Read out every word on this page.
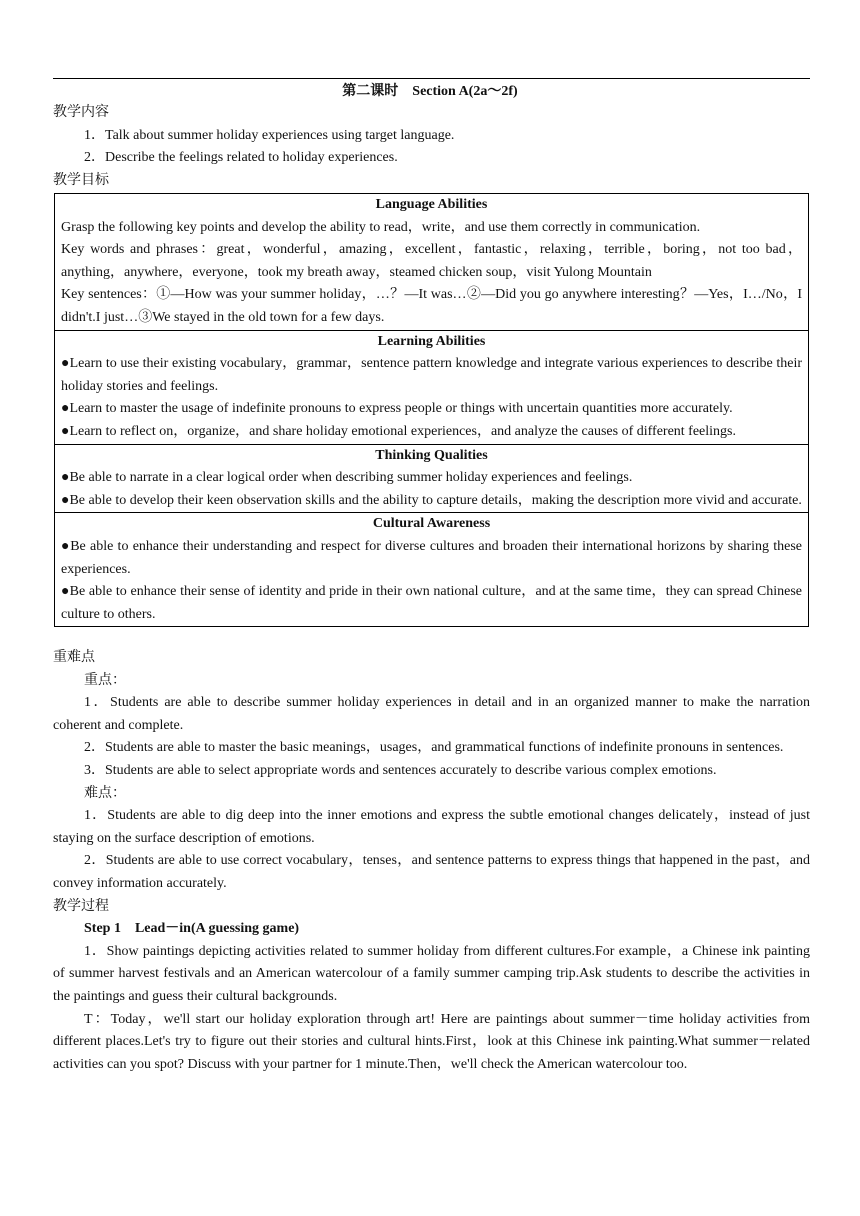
第二课时　Section A(2a～2f)

教学内容

1．Talk about summer holiday experiences using target language.

2．Describe the feelings related to holiday experiences.

教学目标

Language Abilities
Grasp the following key points and develop the ability to read，write，and use them correctly in communication.
Key words and phrases：great，wonderful，amazing，excellent，fantastic，relaxing，terrible，boring，not too bad，anything，anywhere，everyone，took my breath away，steamed chicken soup，visit Yulong Mountain
Key sentences：①—How was your summer holiday，…？—It was…②—Did you go anywhere interesting？—Yes，I…/No，I didn't.I just…③We stayed in the old town for a few days.

Learning Abilities
●Learn to use their existing vocabulary，grammar，sentence pattern knowledge and integrate various experiences to describe their holiday stories and feelings.
●Learn to master the usage of indefinite pronouns to express people or things with uncertain quantities more accurately.
●Learn to reflect on，organize，and share holiday emotional experiences，and analyze the causes of different feelings.

Thinking Qualities
●Be able to narrate in a clear logical order when describing summer holiday experiences and feelings.
●Be able to develop their keen observation skills and the ability to capture details，making the description more vivid and accurate.

Cultural Awareness
●Be able to enhance their understanding and respect for diverse cultures and broaden their international horizons by sharing these experiences.
●Be able to enhance their sense of identity and pride in their own national culture，and at the same time，they can spread Chinese culture to others.

重难点

重点：

1．Students are able to describe summer holiday experiences in detail and in an organized manner to make the narration coherent and complete.

2．Students are able to master the basic meanings，usages，and grammatical functions of indefinite pronouns in sentences.

3．Students are able to select appropriate words and sentences accurately to describe various complex emotions.

难点：

1．Students are able to dig deep into the inner emotions and express the subtle emotional changes delicately，instead of just staying on the surface description of emotions.

2．Students are able to use correct vocabulary，tenses，and sentence patterns to express things that happened in the past，and convey information accurately.

教学过程

Step 1　Lead－in(A guessing game)

1．Show paintings depicting activities related to summer holiday from different cultures.For example，a Chinese ink painting of summer harvest festivals and an American watercolour of a family summer camping trip.Ask students to describe the activities in the paintings and guess their cultural backgrounds.

T：Today，we'll start our holiday exploration through art! Here are paintings about summer－time holiday activities from different places.Let's try to figure out their stories and cultural hints.First，look at this Chinese ink painting.What summer－related activities can you spot? Discuss with your partner for 1 minute.Then，we'll check the American watercolour too.
